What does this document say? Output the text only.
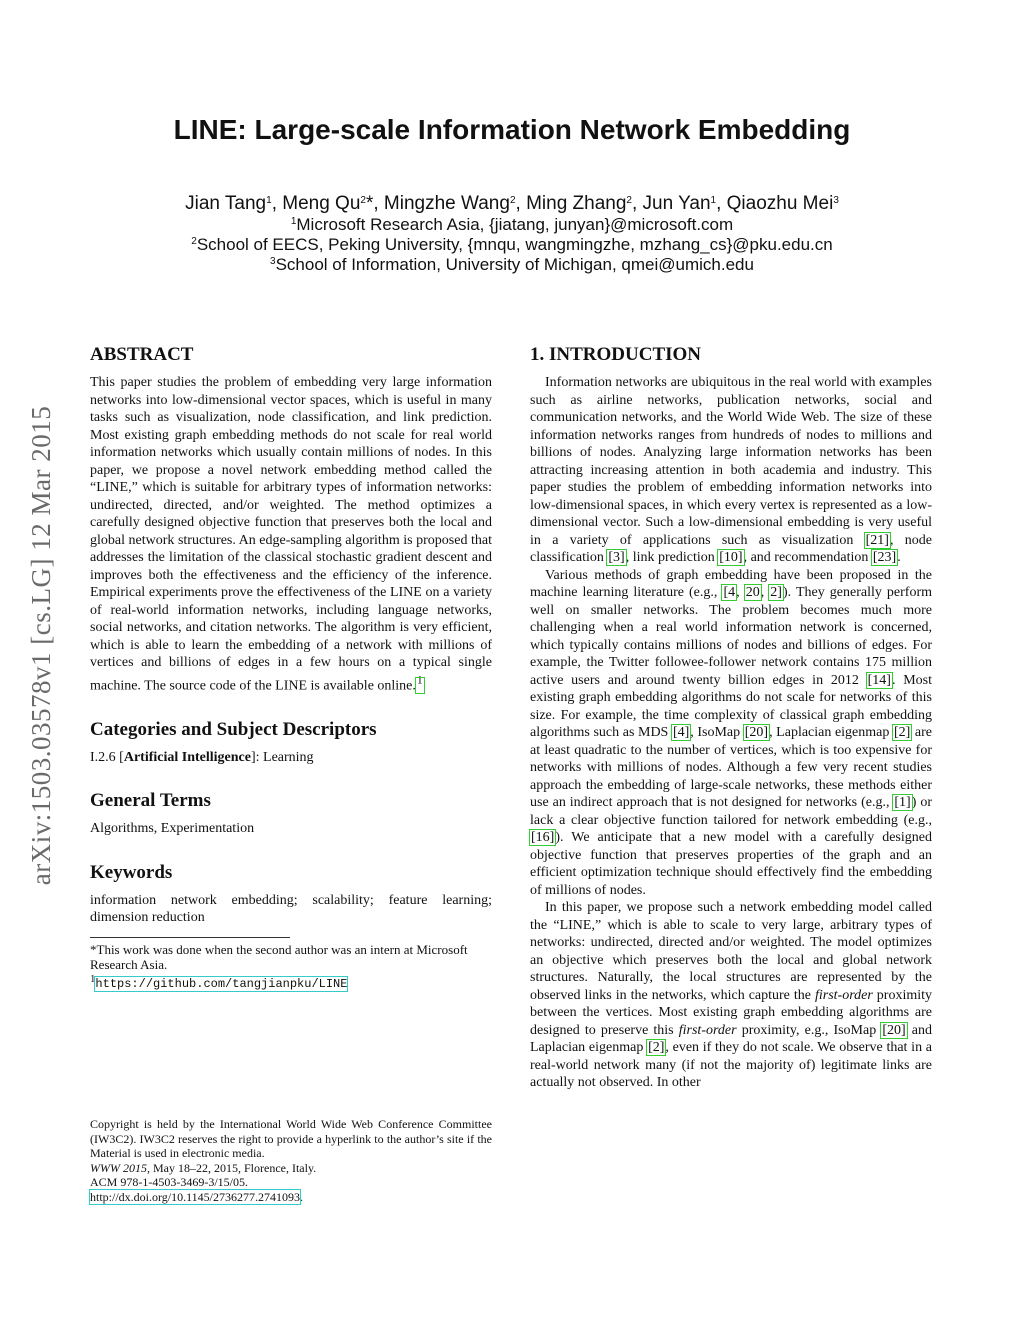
arXiv:1503.03578v1 [cs.LG] 12 Mar 2015
LINE: Large-scale Information Network Embedding
Jian Tang$^1$, Meng Qu$^2$*, Mingzhe Wang$^2$, Ming Zhang$^2$, Jun Yan$^1$, Qiaozhu Mei$^3$
$^1$Microsoft Research Asia, {jiatang, junyan}@microsoft.com
$^2$School of EECS, Peking University, {mnqu, wangmingzhe, mzhang_cs}@pku.edu.cn
$^3$School of Information, University of Michigan, qmei@umich.edu
ABSTRACT

This paper studies the problem of embedding very large information networks into low-dimensional vector spaces, which is useful in many tasks such as visualization, node classification, and link prediction. Most existing graph embedding methods do not scale for real world information networks which usually contain millions of nodes. In this paper, we propose a novel network embedding method called the “LINE,” which is suitable for arbitrary types of information networks: undirected, directed, and/or weighted. The method optimizes a carefully designed objective function that preserves both the local and global network structures. An edge-sampling algorithm is proposed that addresses the limitation of the classical stochastic gradient descent and improves both the effectiveness and the efficiency of the inference. Empirical experiments prove the effectiveness of the LINE on a variety of real-world information networks, including language networks, social networks, and citation networks. The algorithm is very efficient, which is able to learn the embedding of a network with millions of vertices and billions of edges in a few hours on a typical single machine. The source code of the LINE is available online.$^1$

Categories and Subject Descriptors

I.2.6 [Artificial Intelligence]: Learning

General Terms

Algorithms, Experimentation

Keywords

information network embedding; scalability; feature learning; dimension reduction

*This work was done when the second author was an intern at Microsoft Research Asia.

$^1$https://github.com/tangjianpku/LINE

Copyright is held by the International World Wide Web Conference Committee (IW3C2). IW3C2 reserves the right to provide a hyperlink to the author’s site if the Material is used in electronic media.
WWW 2015, May 18–22, 2015, Florence, Italy.
ACM 978-1-4503-3469-3/15/05.
http://dx.doi.org/10.1145/2736277.2741093.
1. INTRODUCTION

Information networks are ubiquitous in the real world with examples such as airline networks, publication networks, social and communication networks, and the World Wide Web. The size of these information networks ranges from hundreds of nodes to millions and billions of nodes. Analyzing large information networks has been attracting increasing attention in both academia and industry. This paper studies the problem of embedding information networks into low-dimensional spaces, in which every vertex is represented as a low-dimensional vector. Such a low-dimensional embedding is very useful in a variety of applications such as visualization [21], node classification [3], link prediction [10], and recommendation [23].

Various methods of graph embedding have been proposed in the machine learning literature (e.g., [4, 20, 2]). They generally perform well on smaller networks. The problem becomes much more challenging when a real world information network is concerned, which typically contains millions of nodes and billions of edges. For example, the Twitter followee-follower network contains 175 million active users and around twenty billion edges in 2012 [14]. Most existing graph embedding algorithms do not scale for networks of this size. For example, the time complexity of classical graph embedding algorithms such as MDS [4], IsoMap [20], Laplacian eigenmap [2] are at least quadratic to the number of vertices, which is too expensive for networks with millions of nodes. Although a few very recent studies approach the embedding of large-scale networks, these methods either use an indirect approach that is not designed for networks (e.g., [1]) or lack a clear objective function tailored for network embedding (e.g., [16]). We anticipate that a new model with a carefully designed objective function that preserves properties of the graph and an efficient optimization technique should effectively find the embedding of millions of nodes.

In this paper, we propose such a network embedding model called the “LINE,” which is able to scale to very large, arbitrary types of networks: undirected, directed and/or weighted. The model optimizes an objective which preserves both the local and global network structures. Naturally, the local structures are represented by the observed links in the networks, which capture the first-order proximity between the vertices. Most existing graph embedding algorithms are designed to preserve this first-order proximity, e.g., IsoMap [20] and Laplacian eigenmap [2], even if they do not scale. We observe that in a real-world network many (if not the majority of) legitimate links are actually not observed. In other
